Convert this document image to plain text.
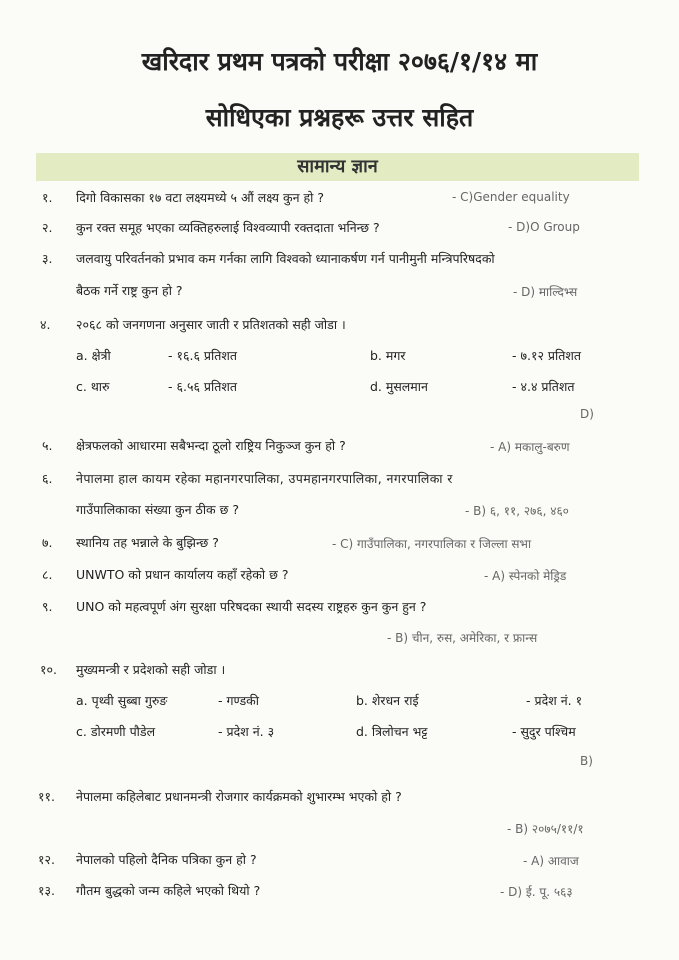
खरिदार प्रथम पत्रको परीक्षा २०७६/१/१४ मा
सोधिएका प्रश्नहरू उत्तर सहित
सामान्य ज्ञान
१. दिगो विकासका १७ वटा लक्ष्यमध्ये ५ औं लक्ष्य कुन हो ?	- C)Gender equality
२. कुन रक्त समूह भएका व्यक्तिहरुलाई विश्वव्यापी रक्तदाता भनिन्छ ?	- D)O Group
३. जलवायु परिवर्तनको प्रभाव कम गर्नका लागि विश्वको ध्यानाकर्षण गर्न पानीमुनी मन्त्रिपरिषदको
बैठक गर्ने राष्ट्र कुन हो ?	- D) माल्दिभ्स
४. २०६८ को जनगणना अनुसार जाती र प्रतिशतको सही जोडा ।
a. क्षेत्री	- १६.६ प्रतिशत	b. मगर	- ७.१२ प्रतिशत
c. थारु	- ६.५६ प्रतिशत	d. मुसलमान	- ४.४ प्रतिशत
D)
५. क्षेत्रफलको आधारमा सबैभन्दा ठूलो राष्ट्रिय निकुञ्ज कुन हो ?	- A) मकालु-बरुण
६. नेपालमा हाल कायम रहेका महानगरपालिका, उपमहानगरपालिका, नगरपालिका र
गाउँपालिकाका संख्या कुन ठीक छ ?	- B) ६, ११, २७६, ४६०
७. स्थानिय तह भन्नाले के बुझिन्छ ?	- C) गाउँपालिका, नगरपालिका र जिल्ला सभा
८. UNWTO को प्रधान कार्यालय कहाँ रहेको छ ?	- A) स्पेनको मेड्रिड
९. UNO को महत्वपूर्ण अंग सुरक्षा परिषदका स्थायी सदस्य राष्ट्रहरु कुन कुन हुन ?
- B) चीन, रुस, अमेरिका, र फ्रान्स
१०. मुख्यमन्त्री र प्रदेशको सही जोडा ।
a. पृथ्वी सुब्बा गुरुङ	- गण्डकी	b. शेरधन राई	- प्रदेश नं. १
c. डोरमणी पौडेल	- प्रदेश नं. ३	d. त्रिलोचन भट्ट	- सुदुर पश्चिम
B)
११. नेपालमा कहिलेबाट प्रधानमन्त्री रोजगार कार्यक्रमको शुभारम्भ भएको हो ?
- B) २०७५/११/१
१२. नेपालको पहिलो दैनिक पत्रिका कुन हो ?	- A) आवाज
१३. गौतम बुद्धको जन्म कहिले भएको थियो ?	- D) ई. पू. ५६३
